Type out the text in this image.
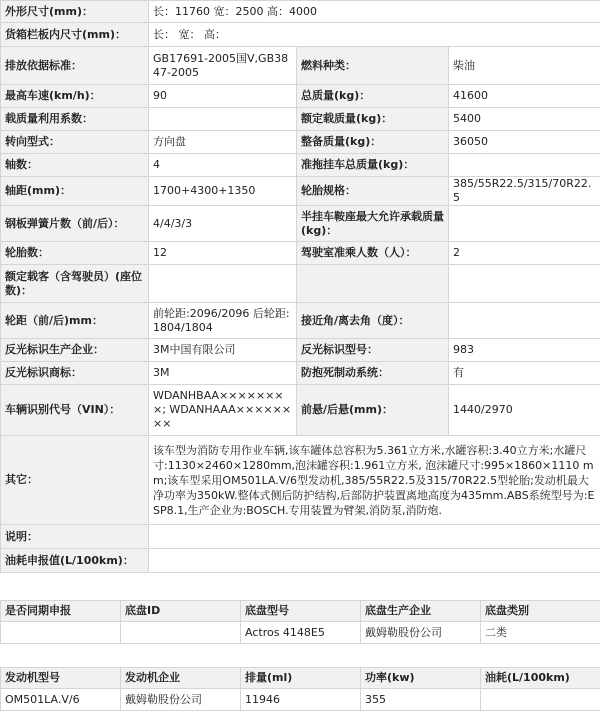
外形尺寸(mm)：	长：11760 宽：2500 高：4000		
货箱栏板内尺寸(mm)：	长： 宽： 高：		
排放依据标准：	GB17691-2005国Ⅴ,GB3847-2005	燃料种类：	柴油
最高车速(km/h)：	90	总质量(kg)：	41600
载质量利用系数：		额定载质量(kg)：	5400
转向型式：	方向盘	整备质量(kg)：	36050
轴数：	4	准拖挂车总质量(kg)：	
轴距(mm)：	1700+4300+1350	轮胎规格：	385/55R22.5/315/70R22.5
钢板弹簧片数（前/后）：	4/4/3/3	半挂车鞍座最大允许承载质量(kg)：	
轮胎数：	12	驾驶室准乘人数（人）：	2
额定载客（含驾驶员）(座位数)：			
轮距（前/后)mm：	前轮距:2096/2096 后轮距:1804/1804	接近角/离去角（度）：	
反光标识生产企业：	3M中国有限公司	反光标识型号：	983
反光标识商标：	3M	防抱死制动系统：	有
车辆识别代号（VIN）：	WDANHBAA××××××××; WDANHAAA××××××××	前悬/后悬(mm)：	1440/2970
其它：	该车型为消防专用作业车辆,该车罐体总容积为5.361立方米,水罐容积:3.40立方米;水罐尺寸:1130×2460×1280mm,泡沫罐容积:1.961立方米, 泡沫罐尺寸:995×1860×1110 mm;该车型采用OM501LA.Ⅴ/6型发动机,385/55R22.5及315/70R22.5型轮胎;发动机最大净功率为350kW.整体式侧后防护结构,后部防护装置离地高度为435mm.ABS系统型号为:ESP8.1,生产企业为:BOSCH.专用装置为臂架,消防泵,消防炮.		
说明：			
油耗申报值(L/100km)：			
是否同期申报	底盘ID	底盘型号	底盘生产企业	底盘类别
		Actros 4148E5	戴姆勒股份公司	二类
发动机型号	发动机企业	排量(ml)	功率(kw)	油耗(L/100km)
OM501LA.V/6	戴姆勒股份公司	11946	355	
